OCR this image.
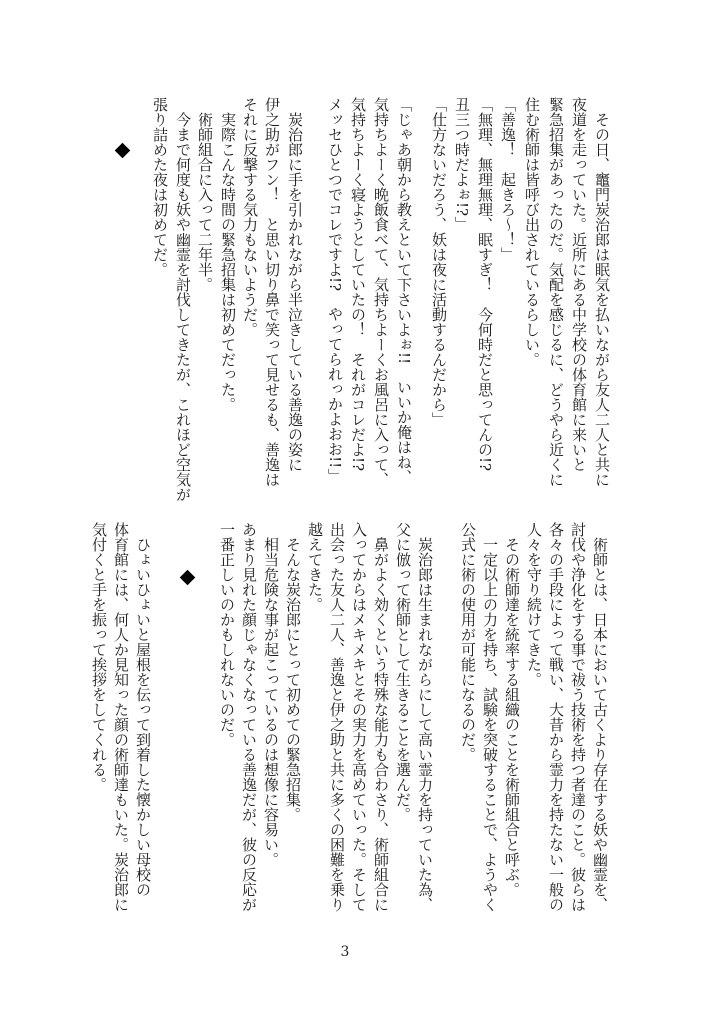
その日、竈門炭治郎は眠気を払いながら友人二人と共に
夜道を走っていた。近所にある中学校の体育館に来いと
緊急招集があったのだ。気配を感じるに、どうやら近くに
住む術師は皆呼び出されているらしい。
「善逸！　起きろ～！」
「無理、無理無理、眠すぎ！　今何時だと思ってんの!?
丑三つ時だよぉ!?」
「仕方ないだろう、妖は夜に活動するんだから」
「じゃあ朝から教えといて下さいよぉ!!　いいか俺はね、
気持ちよーく晩飯食べて、気持ちよーくお風呂に入って、
気持ちよーく寝ようとしていたの！　それがコレだよ!?
メッセひとつでコレですよ!?　やってられっかよおお!!」
炭治郎に手を引かれながら半泣きしている善逸の姿に
伊之助がフン！　と思い切り鼻で笑って見せるも、善逸は
それに反撃する気力もないようだ。
実際こんな時間の緊急招集は初めてだった。
術師組合に入って二年半。
今まで何度も妖や幽霊を討伐してきたが、これほど空気が
張り詰めた夜は初めてだ。
術師とは、日本において古くより存在する妖や幽霊を、
討伐や浄化をする事で祓う技術を持つ者達のこと。彼らは
各々の手段によって戦い、大昔から霊力を持たない一般の
人々を守り続けてきた。
その術師達を統率する組織のことを術師組合と呼ぶ。
一定以上の力を持ち、試験を突破することで、ようやく
公式に術の使用が可能になるのだ。
炭治郎は生まれながらにして高い霊力を持っていた為、
父に倣って術師として生きることを選んだ。
鼻がよく効くという特殊な能力も合わさり、術師組合に
入ってからはメキメキとその実力を高めていった。そして
出会った友人二人、善逸と伊之助と共に多くの困難を乗り
越えてきた。
そんな炭治郎にとって初めての緊急招集。
相当危険な事が起こっているのは想像に容易い。
あまり見れた顔じゃなくなっている善逸だが、彼の反応が
一番正しいのかもしれないのだ。
ひょいひょいと屋根を伝って到着した懐かしい母校の
体育館には、何人か見知った顔の術師達もいた。炭治郎に
気付くと手を振って挨拶をしてくれる。
3
